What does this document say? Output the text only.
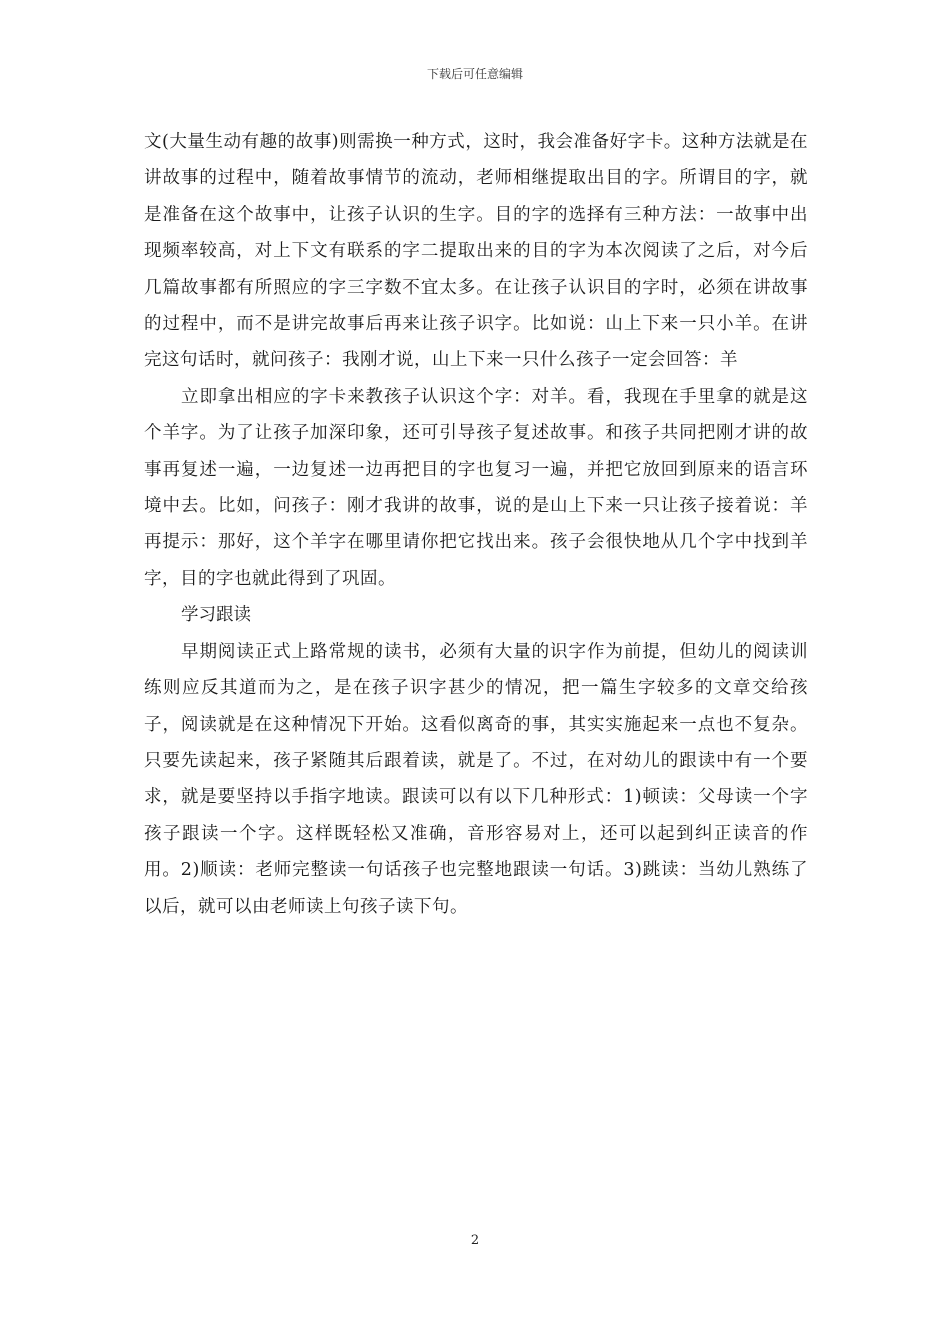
下载后可任意编辑

文(大量生动有趣的故事)则需换一种方式，这时，我会准备好字卡。这种方法就是在讲故事的过程中，随着故事情节的流动，老师相继提取出目的字。所谓目的字，就是准备在这个故事中，让孩子认识的生字。目的字的选择有三种方法：一故事中出现频率较高，对上下文有联系的字二提取出来的目的字为本次阅读了之后，对今后几篇故事都有所照应的字三字数不宜太多。在让孩子认识目的字时，必须在讲故事的过程中，而不是讲完故事后再来让孩子识字。比如说：山上下来一只小羊。在讲完这句话时，就问孩子：我刚才说，山上下来一只什么孩子一定会回答：羊

立即拿出相应的字卡来教孩子认识这个字：对羊。看，我现在手里拿的就是这个羊字。为了让孩子加深印象，还可引导孩子复述故事。和孩子共同把刚才讲的故事再复述一遍，一边复述一边再把目的字也复习一遍，并把它放回到原来的语言环境中去。比如，问孩子：刚才我讲的故事，说的是山上下来一只让孩子接着说：羊再提示：那好，这个羊字在哪里请你把它找出来。孩子会很快地从几个字中找到羊字，目的字也就此得到了巩固。

学习跟读

早期阅读正式上路常规的读书，必须有大量的识字作为前提，但幼儿的阅读训练则应反其道而为之，是在孩子识字甚少的情况，把一篇生字较多的文章交给孩子，阅读就是在这种情况下开始。这看似离奇的事，其实实施起来一点也不复杂。只要先读起来，孩子紧随其后跟着读，就是了。不过，在对幼儿的跟读中有一个要求，就是要坚持以手指字地读。跟读可以有以下几种形式：1)顿读：父母读一个字孩子跟读一个字。这样既轻松又准确，音形容易对上，还可以起到纠正读音的作用。2)顺读：老师完整读一句话孩子也完整地跟读一句话。3)跳读：当幼儿熟练了以后，就可以由老师读上句孩子读下句。

2
